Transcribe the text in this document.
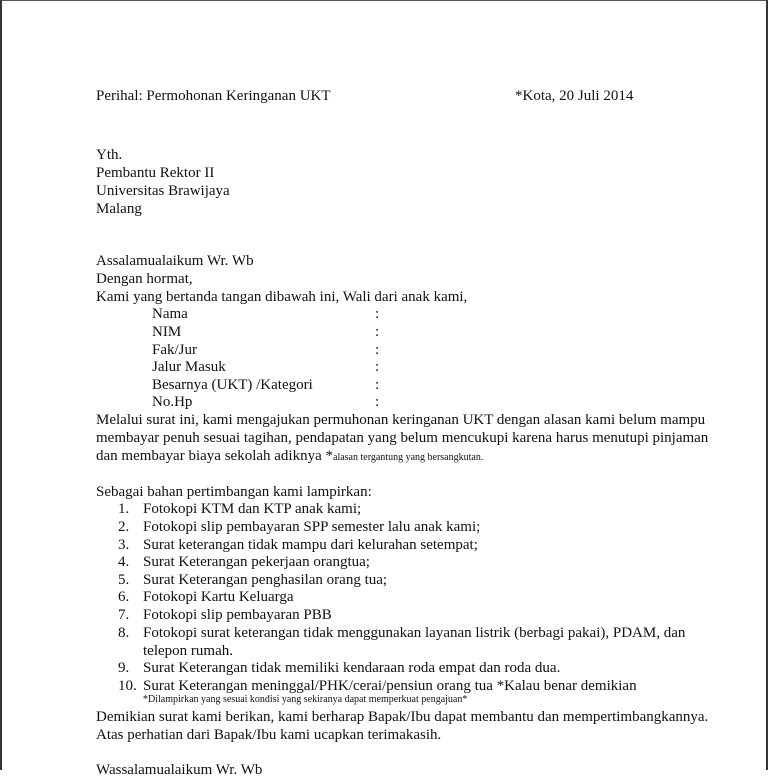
Perihal: Permohonan Keringanan UKT	*Kota, 20 Juli 2014
Yth.
Pembantu Rektor II
Universitas Brawijaya
Malang
Assalamualaikum Wr. Wb
Dengan hormat,
Kami yang bertanda tangan dibawah ini, Wali dari anak kami,
Nama	:
NIM	:
Fak/Jur	:
Jalur Masuk	:
Besarnya (UKT) /Kategori	:
No.Hp	:
Melalui surat ini, kami mengajukan permuhonan keringanan UKT dengan alasan kami belum mampu
membayar penuh sesuai tagihan, pendapatan yang belum mencukupi karena harus menutupi pinjaman
dan membayar biaya sekolah adiknya *alasan tergantung yang bersangkutan.
Sebagai bahan pertimbangan kami lampirkan:
1. Fotokopi KTM dan KTP anak kami;
2. Fotokopi slip pembayaran SPP semester lalu anak kami;
3. Surat keterangan tidak mampu dari kelurahan setempat;
4. Surat Keterangan pekerjaan orangtua;
5. Surat Keterangan penghasilan orang tua;
6. Fotokopi Kartu Keluarga
7. Fotokopi slip pembayaran PBB
8. Fotokopi surat keterangan tidak menggunakan layanan listrik (berbagi pakai), PDAM, dan
telepon rumah.
9. Surat Keterangan tidak memiliki kendaraan roda empat dan roda dua.
10. Surat Keterangan meninggal/PHK/cerai/pensiun orang tua *Kalau benar demikian
*Dilampirkan yang sesuai kondisi yang sekiranya dapat memperkuat pengajuan*
Demikian surat kami berikan, kami berharap Bapak/Ibu dapat membantu dan mempertimbangkannya.
Atas perhatian dari Bapak/Ibu kami ucapkan terimakasih.
Wassalamualaikum Wr. Wb
